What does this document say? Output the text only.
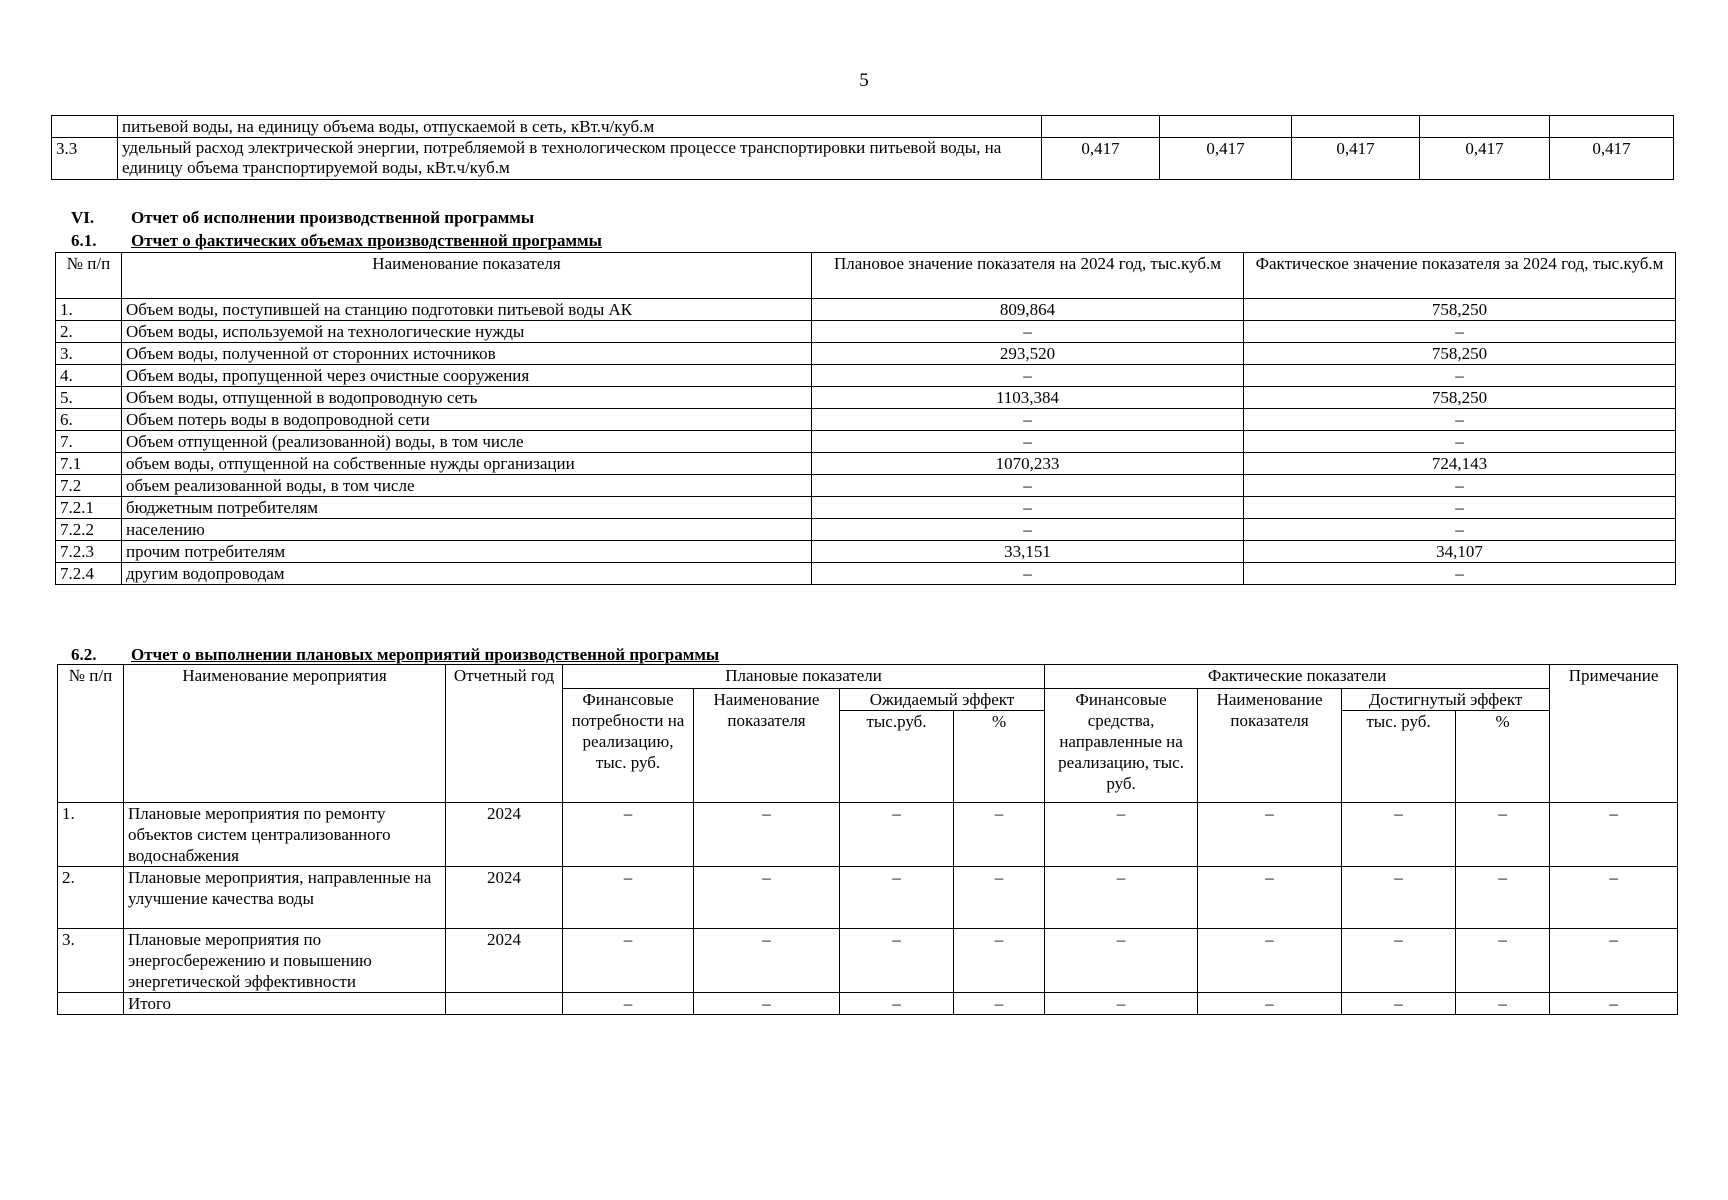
5
	питьевой воды, на единицу объема воды, отпускаемой в сеть, кВт.ч/куб.м					
3.3	удельный расход электрической энергии, потребляемой в технологическом процессе транспортировки питьевой воды, на единицу объема транспортируемой воды, кВт.ч/куб.м	0,417	0,417	0,417	0,417	0,417
VI. Отчет об исполнении производственной программы
6.1. Отчет о фактических объемах производственной программы
№ п/п	Наименование показателя	Плановое значение показателя на 2024 год, тыс.куб.м	Фактическое значение показателя за 2024 год, тыс.куб.м
1.	Объем воды, поступившей на станцию подготовки питьевой воды АК	809,864	758,250
2.	Объем воды, используемой на технологические нужды	–	–
3.	Объем воды, полученной от сторонних источников	293,520	758,250
4.	Объем воды, пропущенной через очистные сооружения	–	–
5.	Объем воды, отпущенной в водопроводную сеть	1103,384	758,250
6.	Объем потерь воды в водопроводной сети	–	–
7.	Объем отпущенной (реализованной) воды, в том числе	–	–
7.1	объем воды, отпущенной на собственные нужды организации	1070,233	724,143
7.2	объем реализованной воды, в том числе	–	–
7.2.1	бюджетным потребителям	–	–
7.2.2	населению	–	–
7.2.3	прочим потребителям	33,151	34,107
7.2.4	другим водопроводам	–	–
6.2. Отчет о выполнении плановых мероприятий производственной программы
№ п/п	Наименование мероприятия	Отчетный год	Плановые показатели				Фактические показатели				Примечание
			Финансовые потребности на реализацию, тыс. руб.	Наименование показателя	Ожидаемый эффект		Финансовые средства, направленные на реализацию, тыс. руб.	Наименование показателя	Достигнутый эффект		
					тыс.руб.	%			тыс. руб.	%	
1.	Плановые мероприятия по ремонту объектов систем централизованного водоснабжения	2024	–	–	–	–	–	–	–	–	–
2.	Плановые мероприятия, направленные на улучшение качества воды	2024	–	–	–	–	–	–	–	–	–
3.	Плановые мероприятия по энергосбережению и повышению энергетической эффективности	2024	–	–	–	–	–	–	–	–	–
	Итого		–	–	–	–	–	–	–	–	–
